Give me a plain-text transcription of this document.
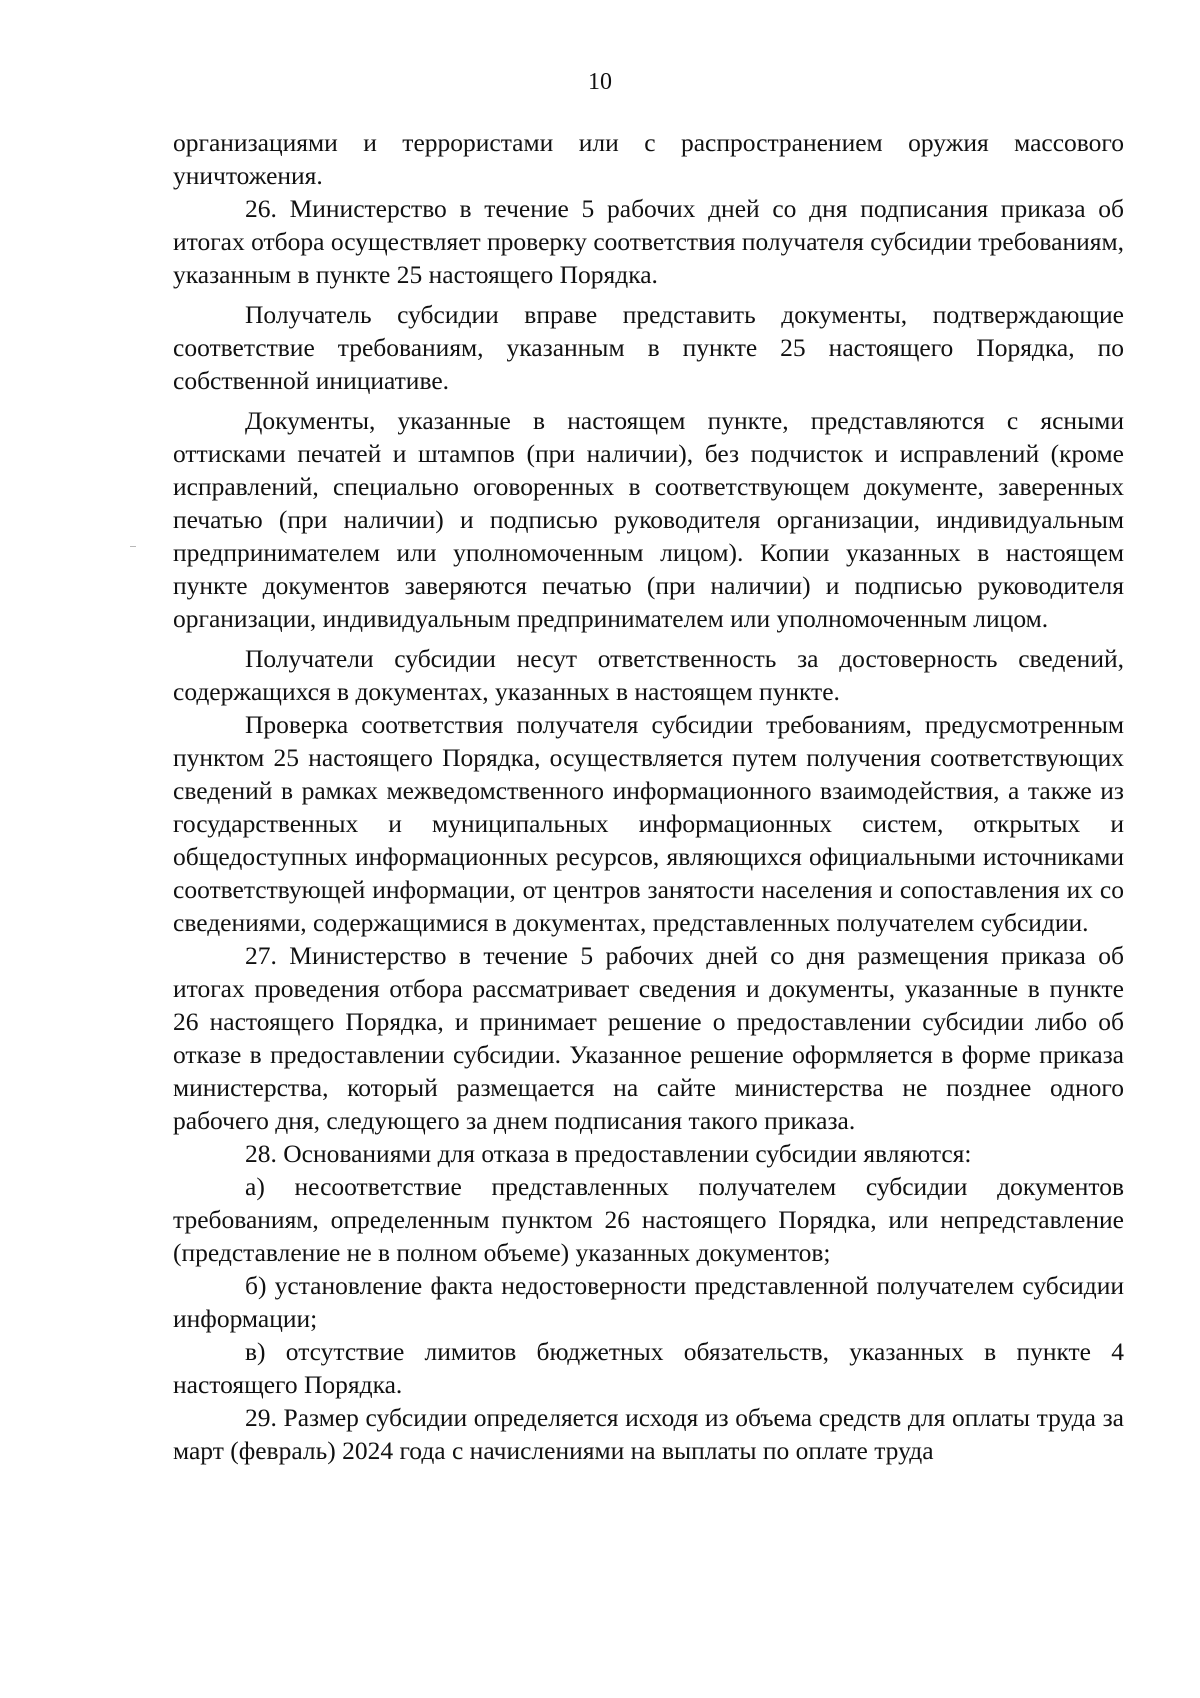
10

организациями и террористами или с распространением оружия массового уничтожения.

26. Министерство в течение 5 рабочих дней со дня подписания приказа об итогах отбора осуществляет проверку соответствия получателя субсидии требованиям, указанным в пункте 25 настоящего Порядка.

Получатель субсидии вправе представить документы, подтверждающие соответствие требованиям, указанным в пункте 25 настоящего Порядка, по собственной инициативе.

Документы, указанные в настоящем пункте, представляются с ясными оттисками печатей и штампов (при наличии), без подчисток и исправлений (кроме исправлений, специально оговоренных в соответствующем документе, заверенных печатью (при наличии) и подписью руководителя организации, индивидуальным предпринимателем или уполномоченным лицом). Копии указанных в настоящем пункте документов заверяются печатью (при наличии) и подписью руководителя организации, индивидуальным предпринимателем или уполномоченным лицом.

Получатели субсидии несут ответственность за достоверность сведений, содержащихся в документах, указанных в настоящем пункте.

Проверка соответствия получателя субсидии требованиям, предусмотренным пунктом 25 настоящего Порядка, осуществляется путем получения соответствующих сведений в рамках межведомственного информационного взаимодействия, а также из государственных и муниципальных информационных систем, открытых и общедоступных информационных ресурсов, являющихся официальными источниками соответствующей информации, от центров занятости населения и сопоставления их со сведениями, содержащимися в документах, представленных получателем субсидии.

27. Министерство в течение 5 рабочих дней со дня размещения приказа об итогах проведения отбора рассматривает сведения и документы, указанные в пункте 26 настоящего Порядка, и принимает решение о предоставлении субсидии либо об отказе в предоставлении субсидии. Указанное решение оформляется в форме приказа министерства, который размещается на сайте министерства не позднее одного рабочего дня, следующего за днем подписания такого приказа.

28. Основаниями для отказа в предоставлении субсидии являются:

а) несоответствие представленных получателем субсидии документов требованиям, определенным пунктом 26 настоящего Порядка, или непредставление (представление не в полном объеме) указанных документов;

б) установление факта недостоверности представленной получателем субсидии информации;

в) отсутствие лимитов бюджетных обязательств, указанных в пункте 4 настоящего Порядка.

29. Размер субсидии определяется исходя из объема средств для оплаты труда за март (февраль) 2024 года с начислениями на выплаты по оплате труда
